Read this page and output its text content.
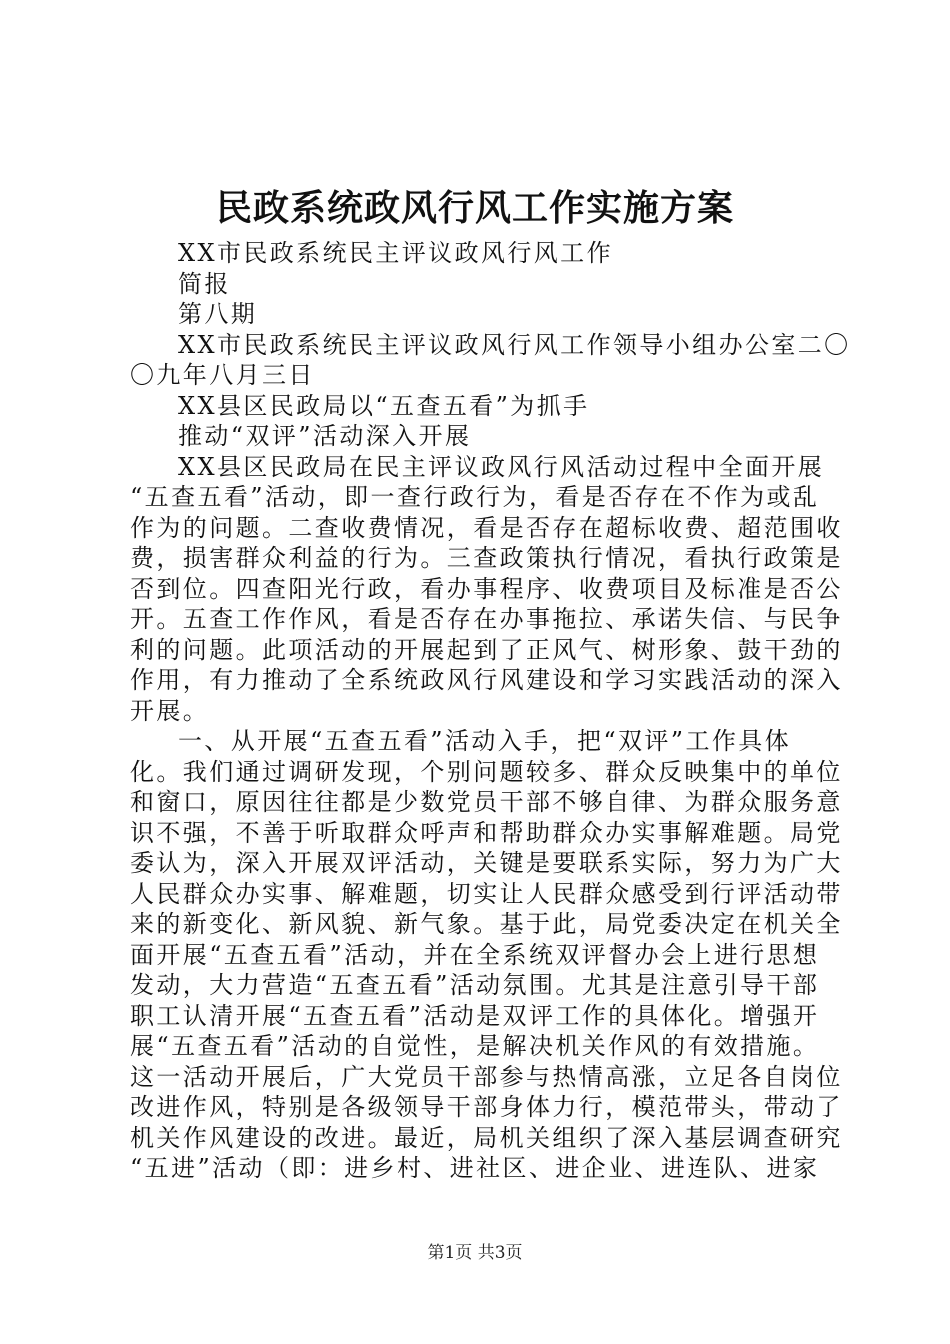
民政系统政风行风工作实施方案
XX市民政系统民主评议政风行风工作
简报
第八期
XX市民政系统民主评议政风行风工作领导小组办公室二〇
〇九年八月三日
XX县区民政局以“五查五看”为抓手
推动“双评”活动深入开展
XX县区民政局在民主评议政风行风活动过程中全面开展
“五查五看”活动，即一查行政行为，看是否存在不作为或乱
作为的问题。二查收费情况，看是否存在超标收费、超范围收
费，损害群众利益的行为。三查政策执行情况，看执行政策是
否到位。四查阳光行政，看办事程序、收费项目及标准是否公
开。五查工作作风，看是否存在办事拖拉、承诺失信、与民争
利的问题。此项活动的开展起到了正风气、树形象、鼓干劲的
作用，有力推动了全系统政风行风建设和学习实践活动的深入
开展。
一、从开展“五查五看”活动入手，把“双评”工作具体
化。我们通过调研发现，个别问题较多、群众反映集中的单位
和窗口，原因往往都是少数党员干部不够自律、为群众服务意
识不强，不善于听取群众呼声和帮助群众办实事解难题。局党
委认为，深入开展双评活动，关键是要联系实际，努力为广大
人民群众办实事、解难题，切实让人民群众感受到行评活动带
来的新变化、新风貌、新气象。基于此，局党委决定在机关全
面开展“五查五看”活动，并在全系统双评督办会上进行思想
发动，大力营造“五查五看”活动氛围。尤其是注意引导干部
职工认清开展“五查五看”活动是双评工作的具体化。增强开
展“五查五看”活动的自觉性，是解决机关作风的有效措施。
这一活动开展后，广大党员干部参与热情高涨，立足各自岗位
改进作风，特别是各级领导干部身体力行，模范带头，带动了
机关作风建设的改进。最近，局机关组织了深入基层调查研究
“五进”活动（即：进乡村、进社区、进企业、进连队、进家
第1页 共3页
